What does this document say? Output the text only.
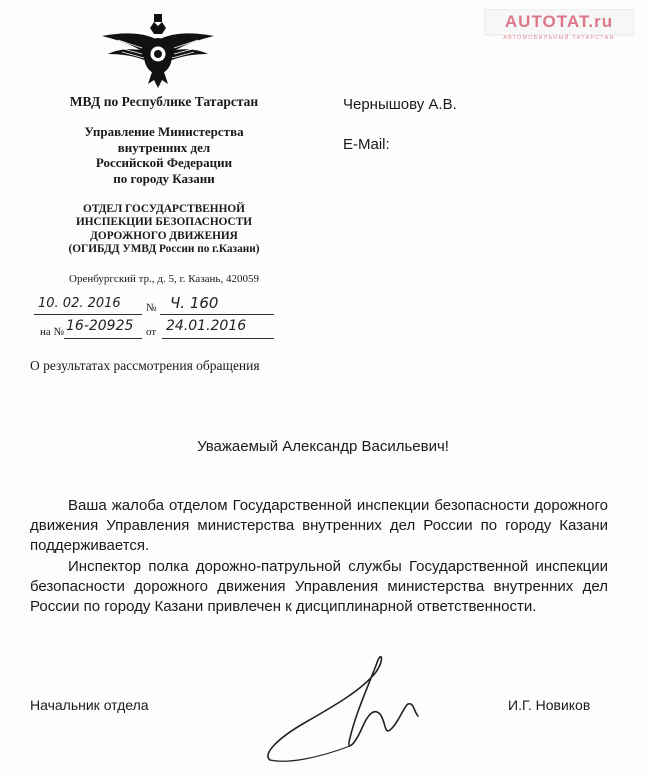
AUTOTAT.ru
АВТОМОБИЛЬНЫЙ ТАТАРСТАН
МВД по Республике Татарстан
Управление Министерства
внутренних дел
Российской Федерации
по городу Казани
ОТДЕЛ ГОСУДАРСТВЕННОЙ
ИНСПЕКЦИИ БЕЗОПАСНОСТИ
ДОРОЖНОГО ДВИЖЕНИЯ
(ОГИБДД УМВД России по г.Казани)
Оренбургский тр., д. 5, г. Казань, 420059
Чернышову А.В.
E-Mail:
10. 02. 2016 № Ч. 160
на № 16-20925 от 24.01.2016
О результатах рассмотрения обращения
Уважаемый Александр Васильевич!

Ваша жалоба отделом Государственной инспекции безопасности дорожного движения Управления министерства внутренних дел России по городу Казани поддерживается.

Инспектор полка дорожно-патрульной службы Государственной инспекции безопасности дорожного движения Управления министерства внутренних дел России по городу Казани привлечен к дисциплинарной ответственности.

Начальник отдела	И.Г. Новиков
